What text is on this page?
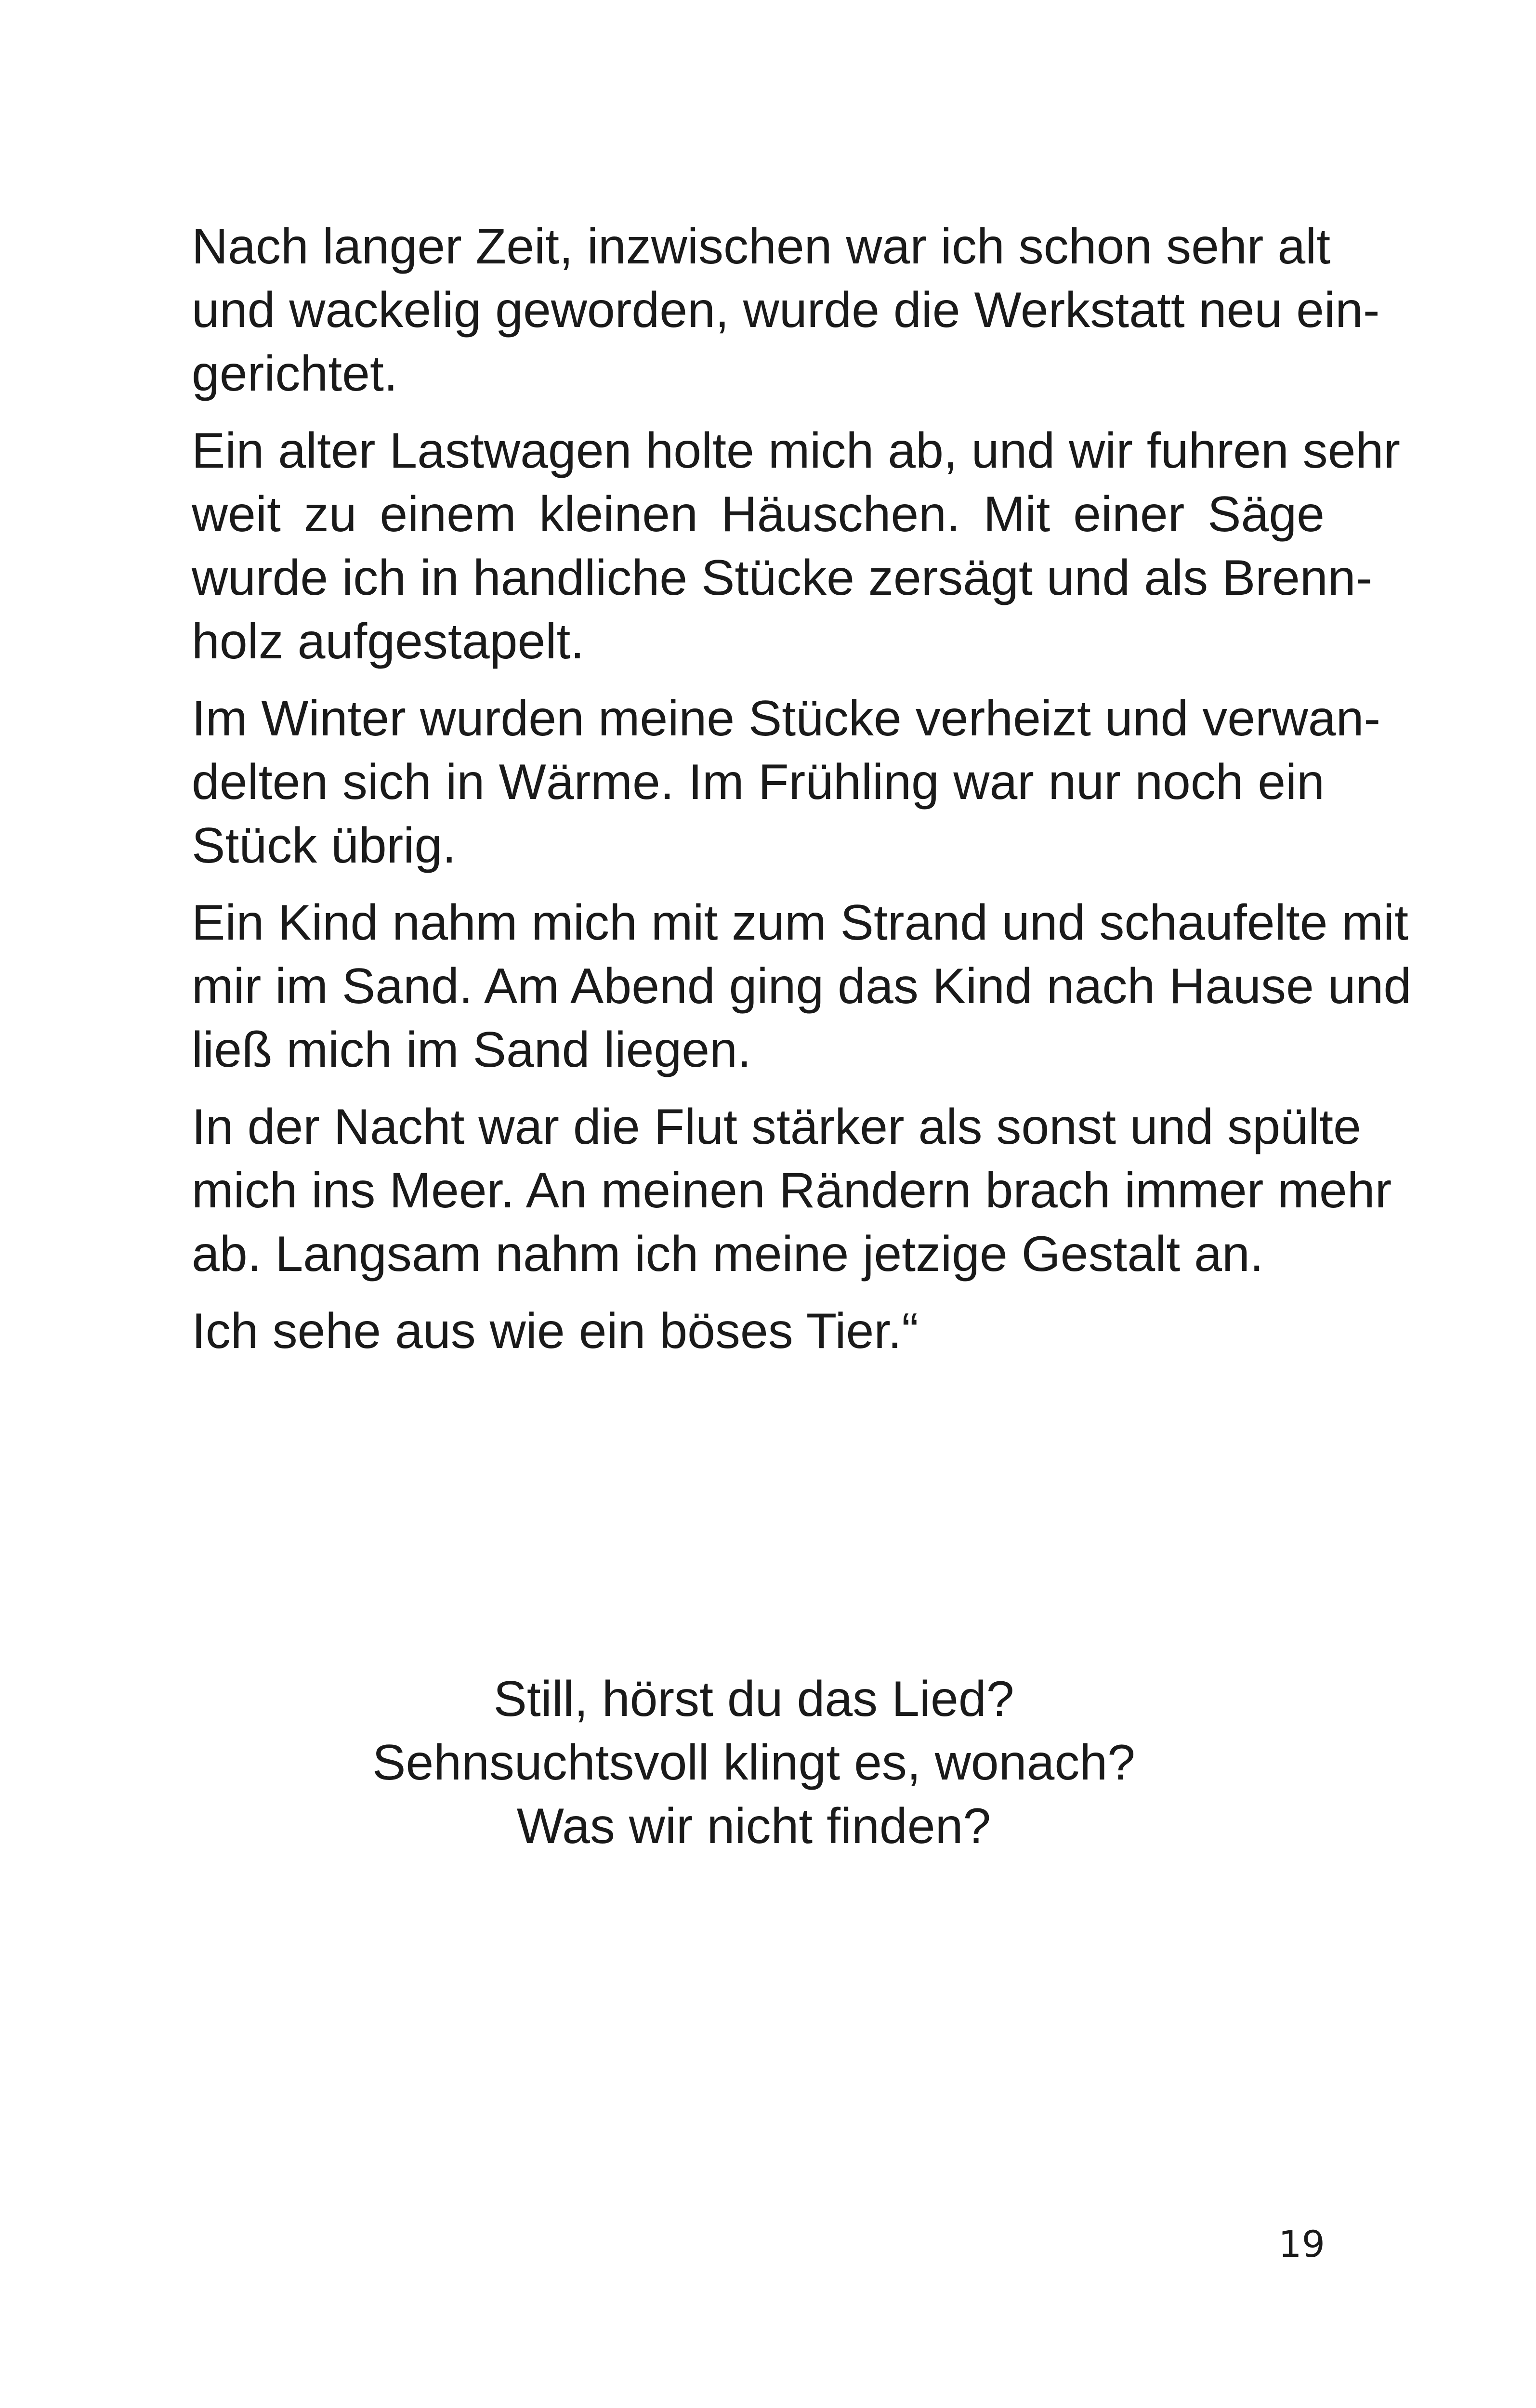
Nach langer Zeit, inzwischen war ich schon sehr alt
und wackelig geworden, wurde die Werkstatt neu ein-
gerichtet.
Ein alter Lastwagen holte mich ab, und wir fuhren sehr
weit zu einem kleinen Häuschen. Mit einer Säge
wurde ich in handliche Stücke zersägt und als Brenn-
holz aufgestapelt.
Im Winter wurden meine Stücke verheizt und verwan-
delten sich in Wärme. Im Frühling war nur noch ein
Stück übrig.
Ein Kind nahm mich mit zum Strand und schaufelte mit
mir im Sand. Am Abend ging das Kind nach Hause und
ließ mich im Sand liegen.
In der Nacht war die Flut stärker als sonst und spülte
mich ins Meer. An meinen Rändern brach immer mehr
ab. Langsam nahm ich meine jetzige Gestalt an.
Ich sehe aus wie ein böses Tier.“
Still, hörst du das Lied?
Sehnsuchtsvoll klingt es, wonach?
Was wir nicht finden?
19
